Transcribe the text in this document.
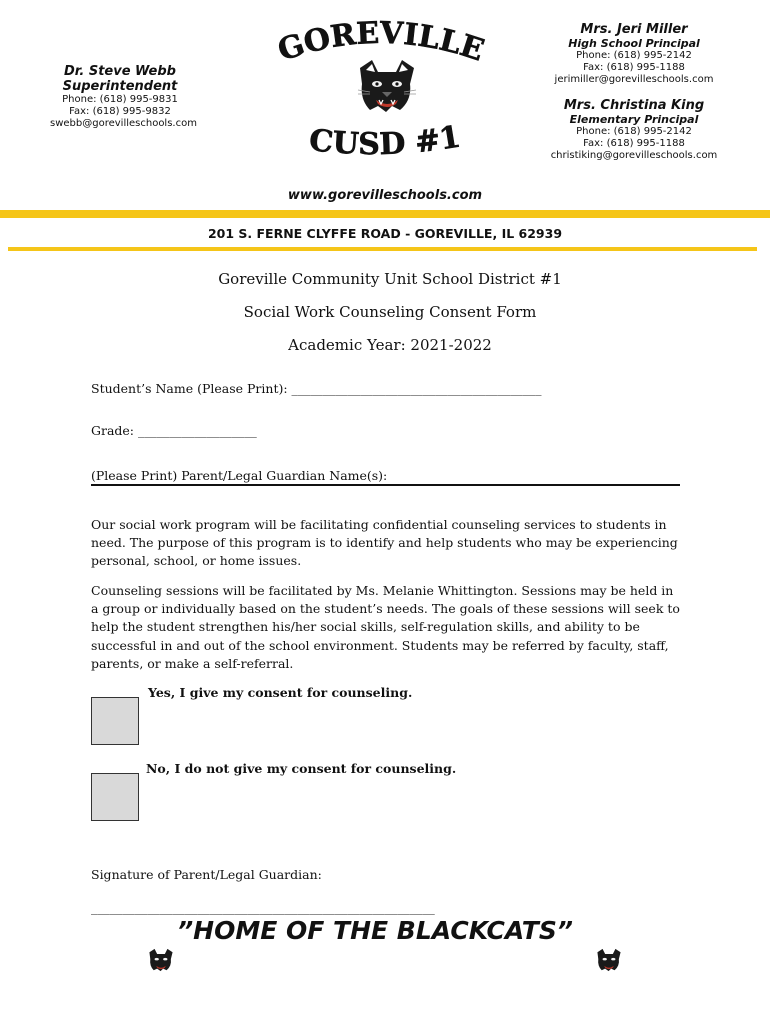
Dr. Steve Webb
Superintendent
Phone: (618) 995-9831
Fax: (618) 995-9832
swebb@gorevilleschools.com
GOREVILLE
CUSD #1
Mrs. Jeri Miller
High School Principal
Phone: (618) 995-2142
Fax: (618) 995-1188
jerimiller@gorevilleschools.com
Mrs. Christina King
Elementary Principal
Phone: (618) 995-2142
Fax: (618) 995-1188
christiking@gorevilleschools.com
www.gorevilleschools.com
201 S. FERNE CLYFFE ROAD - GOREVILLE, IL 62939
Goreville Community Unit School District #1
Social Work Counseling Consent Form
Academic Year: 2021-2022
Student’s Name (Please Print): ________________________________________
Grade: ___________________
(Please Print) Parent/Legal Guardian Name(s):
Our social work program will be facilitating confidential counseling services to students in need. The purpose of this program is to identify and help students who may be experiencing personal, school, or home issues.
Counseling sessions will be facilitated by Ms. Melanie Whittington. Sessions may be held in a group or individually based on the student’s needs. The goals of these sessions will seek to help the student strengthen his/her social skills, self-regulation skills, and ability to be successful in and out of the school environment. Students may be referred by faculty, staff, parents, or make a self-referral.
Yes, I give my consent for counseling.
No, I do not give my consent for counseling.
Signature of Parent/Legal Guardian:
_______________________________________________________
”HOME OF THE BLACKCATS”
